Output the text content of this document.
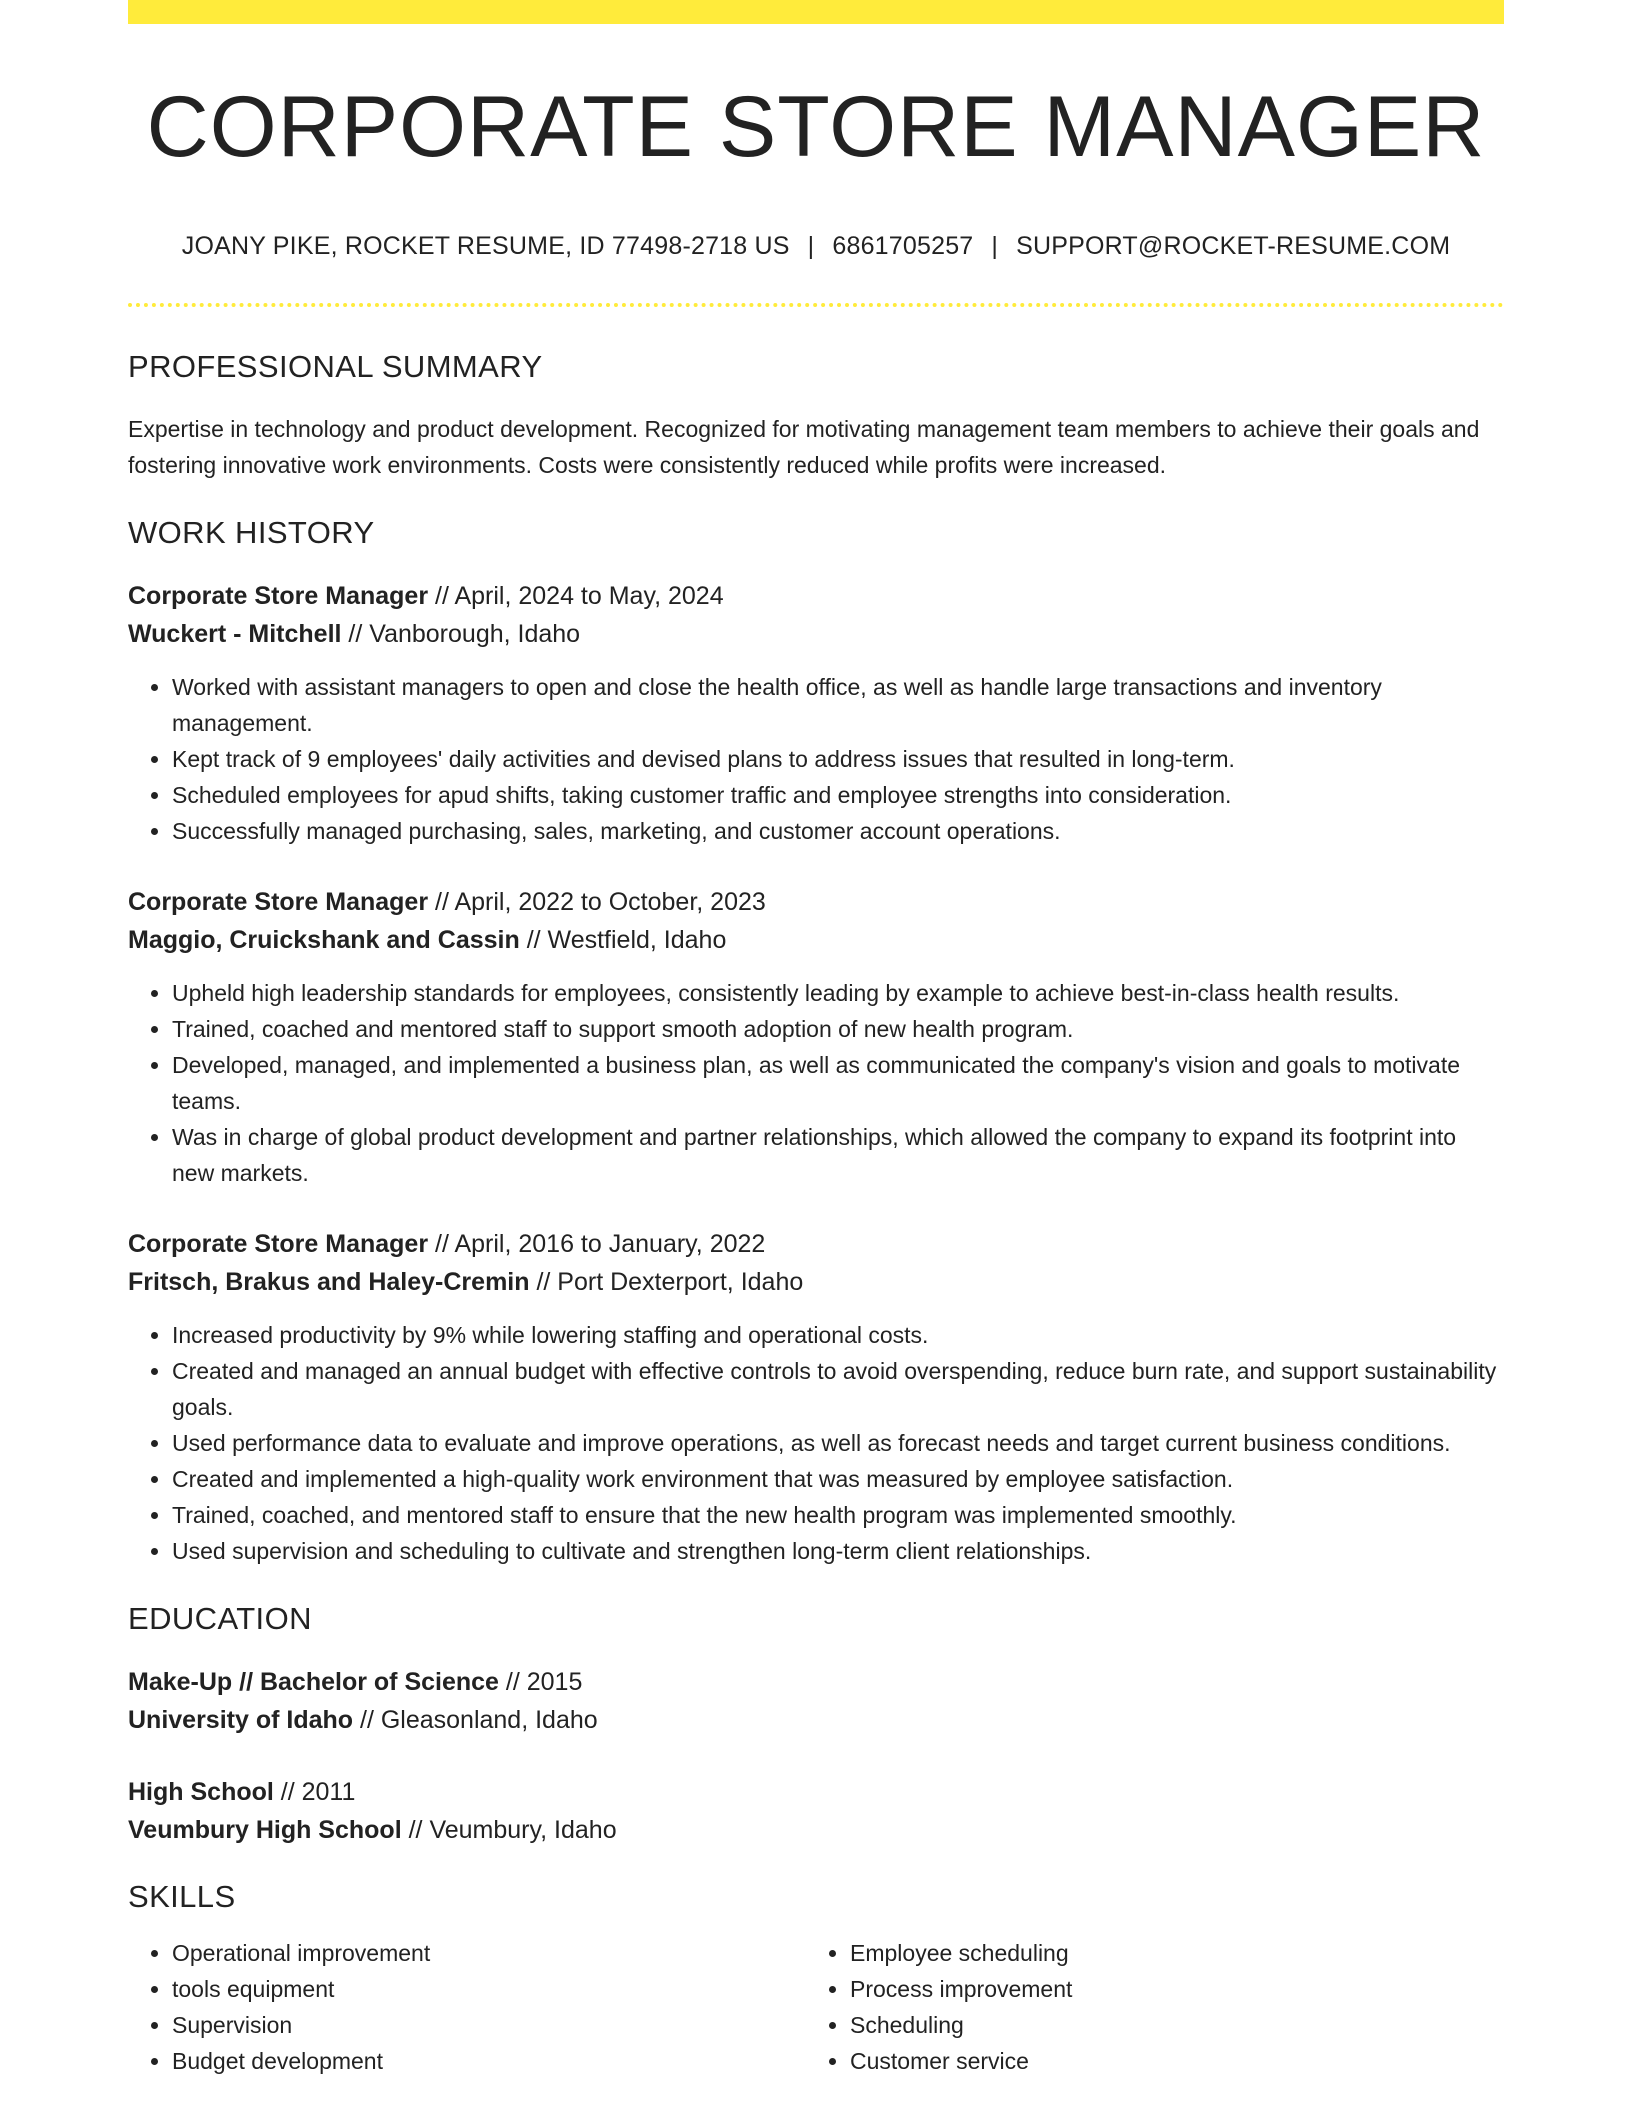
CORPORATE STORE MANAGER
JOANY PIKE, ROCKET RESUME, ID 77498-2718 US | 6861705257 | SUPPORT@ROCKET-RESUME.COM
PROFESSIONAL SUMMARY
Expertise in technology and product development. Recognized for motivating management team members to achieve their goals and fostering innovative work environments. Costs were consistently reduced while profits were increased.
WORK HISTORY
Corporate Store Manager // April, 2024 to May, 2024
Wuckert - Mitchell // Vanborough, Idaho
• Worked with assistant managers to open and close the health office, as well as handle large transactions and inventory management.
• Kept track of 9 employees' daily activities and devised plans to address issues that resulted in long-term.
• Scheduled employees for apud shifts, taking customer traffic and employee strengths into consideration.
• Successfully managed purchasing, sales, marketing, and customer account operations.
Corporate Store Manager // April, 2022 to October, 2023
Maggio, Cruickshank and Cassin // Westfield, Idaho
• Upheld high leadership standards for employees, consistently leading by example to achieve best-in-class health results.
• Trained, coached and mentored staff to support smooth adoption of new health program.
• Developed, managed, and implemented a business plan, as well as communicated the company's vision and goals to motivate teams.
• Was in charge of global product development and partner relationships, which allowed the company to expand its footprint into new markets.
Corporate Store Manager // April, 2016 to January, 2022
Fritsch, Brakus and Haley-Cremin // Port Dexterport, Idaho
• Increased productivity by 9% while lowering staffing and operational costs.
• Created and managed an annual budget with effective controls to avoid overspending, reduce burn rate, and support sustainability goals.
• Used performance data to evaluate and improve operations, as well as forecast needs and target current business conditions.
• Created and implemented a high-quality work environment that was measured by employee satisfaction.
• Trained, coached, and mentored staff to ensure that the new health program was implemented smoothly.
• Used supervision and scheduling to cultivate and strengthen long-term client relationships.
EDUCATION
Make-Up // Bachelor of Science // 2015
University of Idaho // Gleasonland, Idaho
High School // 2011
Veumbury High School // Veumbury, Idaho
SKILLS
• Operational improvement
• tools equipment
• Supervision
• Budget development
• Employee scheduling
• Process improvement
• Scheduling
• Customer service
